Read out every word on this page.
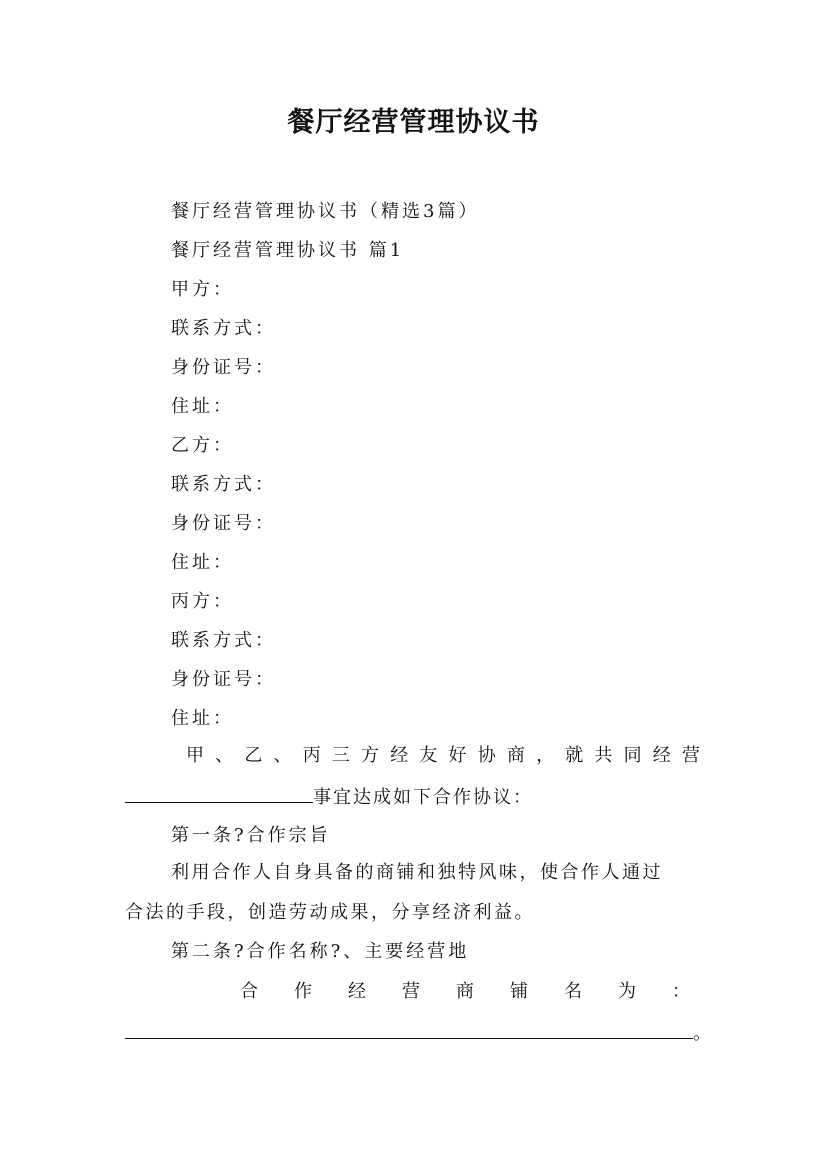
餐厅经营管理协议书
餐厅经营管理协议书（精选3篇）
餐厅经营管理协议书 篇1
甲方：
联系方式：
身份证号：
住址：
乙方：
联系方式：
身份证号：
住址：
丙方：
联系方式：
身份证号：
住址：
甲 、 乙 、 丙 三 方 经 友 好 协 商 ， 就 共 同 经 营
事宜达成如下合作协议：
第一条?合作宗旨
利用合作人自身具备的商铺和独特风味，使合作人通过
合法的手段，创造劳动成果，分享经济利益。
第二条?合作名称?、主要经营地
合 作 经 营 商 铺 名 为 ：
。
